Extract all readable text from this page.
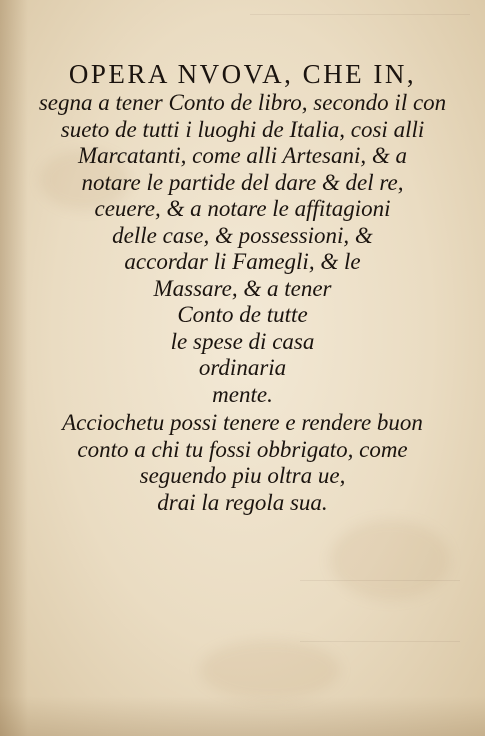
OPERA NVOVA, CHE IN,
segna a tener Conto de libro, secondo il con
sueto de tutti i luoghi de Italia, cosi alli
Marcatanti, come alli Artesani, & a
notare le partide del dare & del re,
ceuere, & a notare le affitagioni
delle case, & possessioni, &
accordar li Famegli, & le
Massare, & a tener
Conto de tutte
le spese di casa
ordinaria
mente.
Acciochetu possi tenere e rendere buon
conto a chi tu fossi obbrigato, come
seguendo piu oltra ue,
drai la regola sua.
